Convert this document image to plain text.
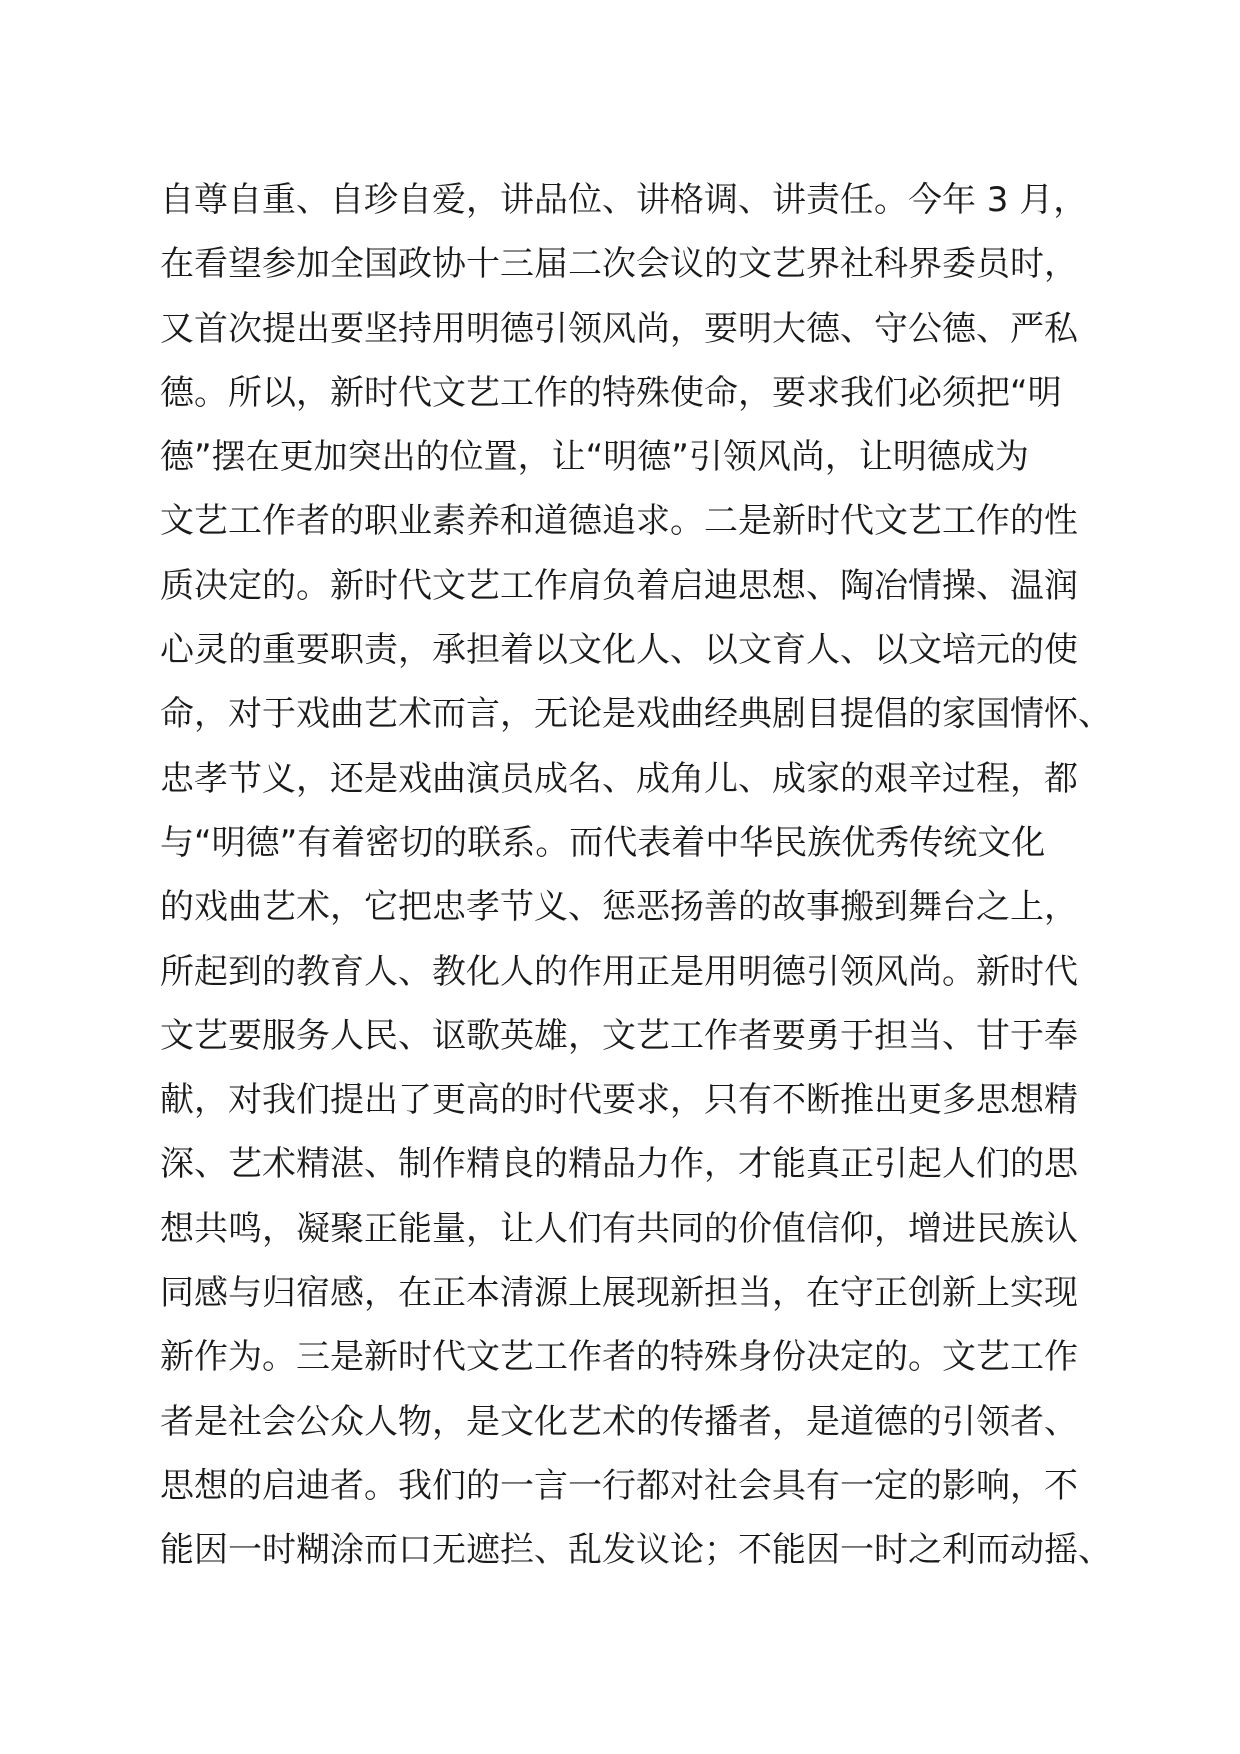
自尊自重、自珍自爱，讲品位、讲格调、讲责任。今年 3 月，
在看望参加全国政协十三届二次会议的文艺界社科界委员时，
又首次提出要坚持用明德引领风尚，要明大德、守公德、严私
德。所以，新时代文艺工作的特殊使命，要求我们必须把“明
德”摆在更加突出的位置，让“明德”引领风尚，让明德成为
文艺工作者的职业素养和道德追求。二是新时代文艺工作的性
质决定的。新时代文艺工作肩负着启迪思想、陶冶情操、温润
心灵的重要职责，承担着以文化人、以文育人、以文培元的使
命，对于戏曲艺术而言，无论是戏曲经典剧目提倡的家国情怀、
忠孝节义，还是戏曲演员成名、成角儿、成家的艰辛过程，都
与“明德”有着密切的联系。而代表着中华民族优秀传统文化
的戏曲艺术，它把忠孝节义、惩恶扬善的故事搬到舞台之上，
所起到的教育人、教化人的作用正是用明德引领风尚。新时代
文艺要服务人民、讴歌英雄，文艺工作者要勇于担当、甘于奉
献，对我们提出了更高的时代要求，只有不断推出更多思想精
深、艺术精湛、制作精良的精品力作，才能真正引起人们的思
想共鸣，凝聚正能量，让人们有共同的价值信仰，增进民族认
同感与归宿感，在正本清源上展现新担当，在守正创新上实现
新作为。三是新时代文艺工作者的特殊身份决定的。文艺工作
者是社会公众人物，是文化艺术的传播者，是道德的引领者、
思想的启迪者。我们的一言一行都对社会具有一定的影响，不
能因一时糊涂而口无遮拦、乱发议论；不能因一时之利而动摇、
